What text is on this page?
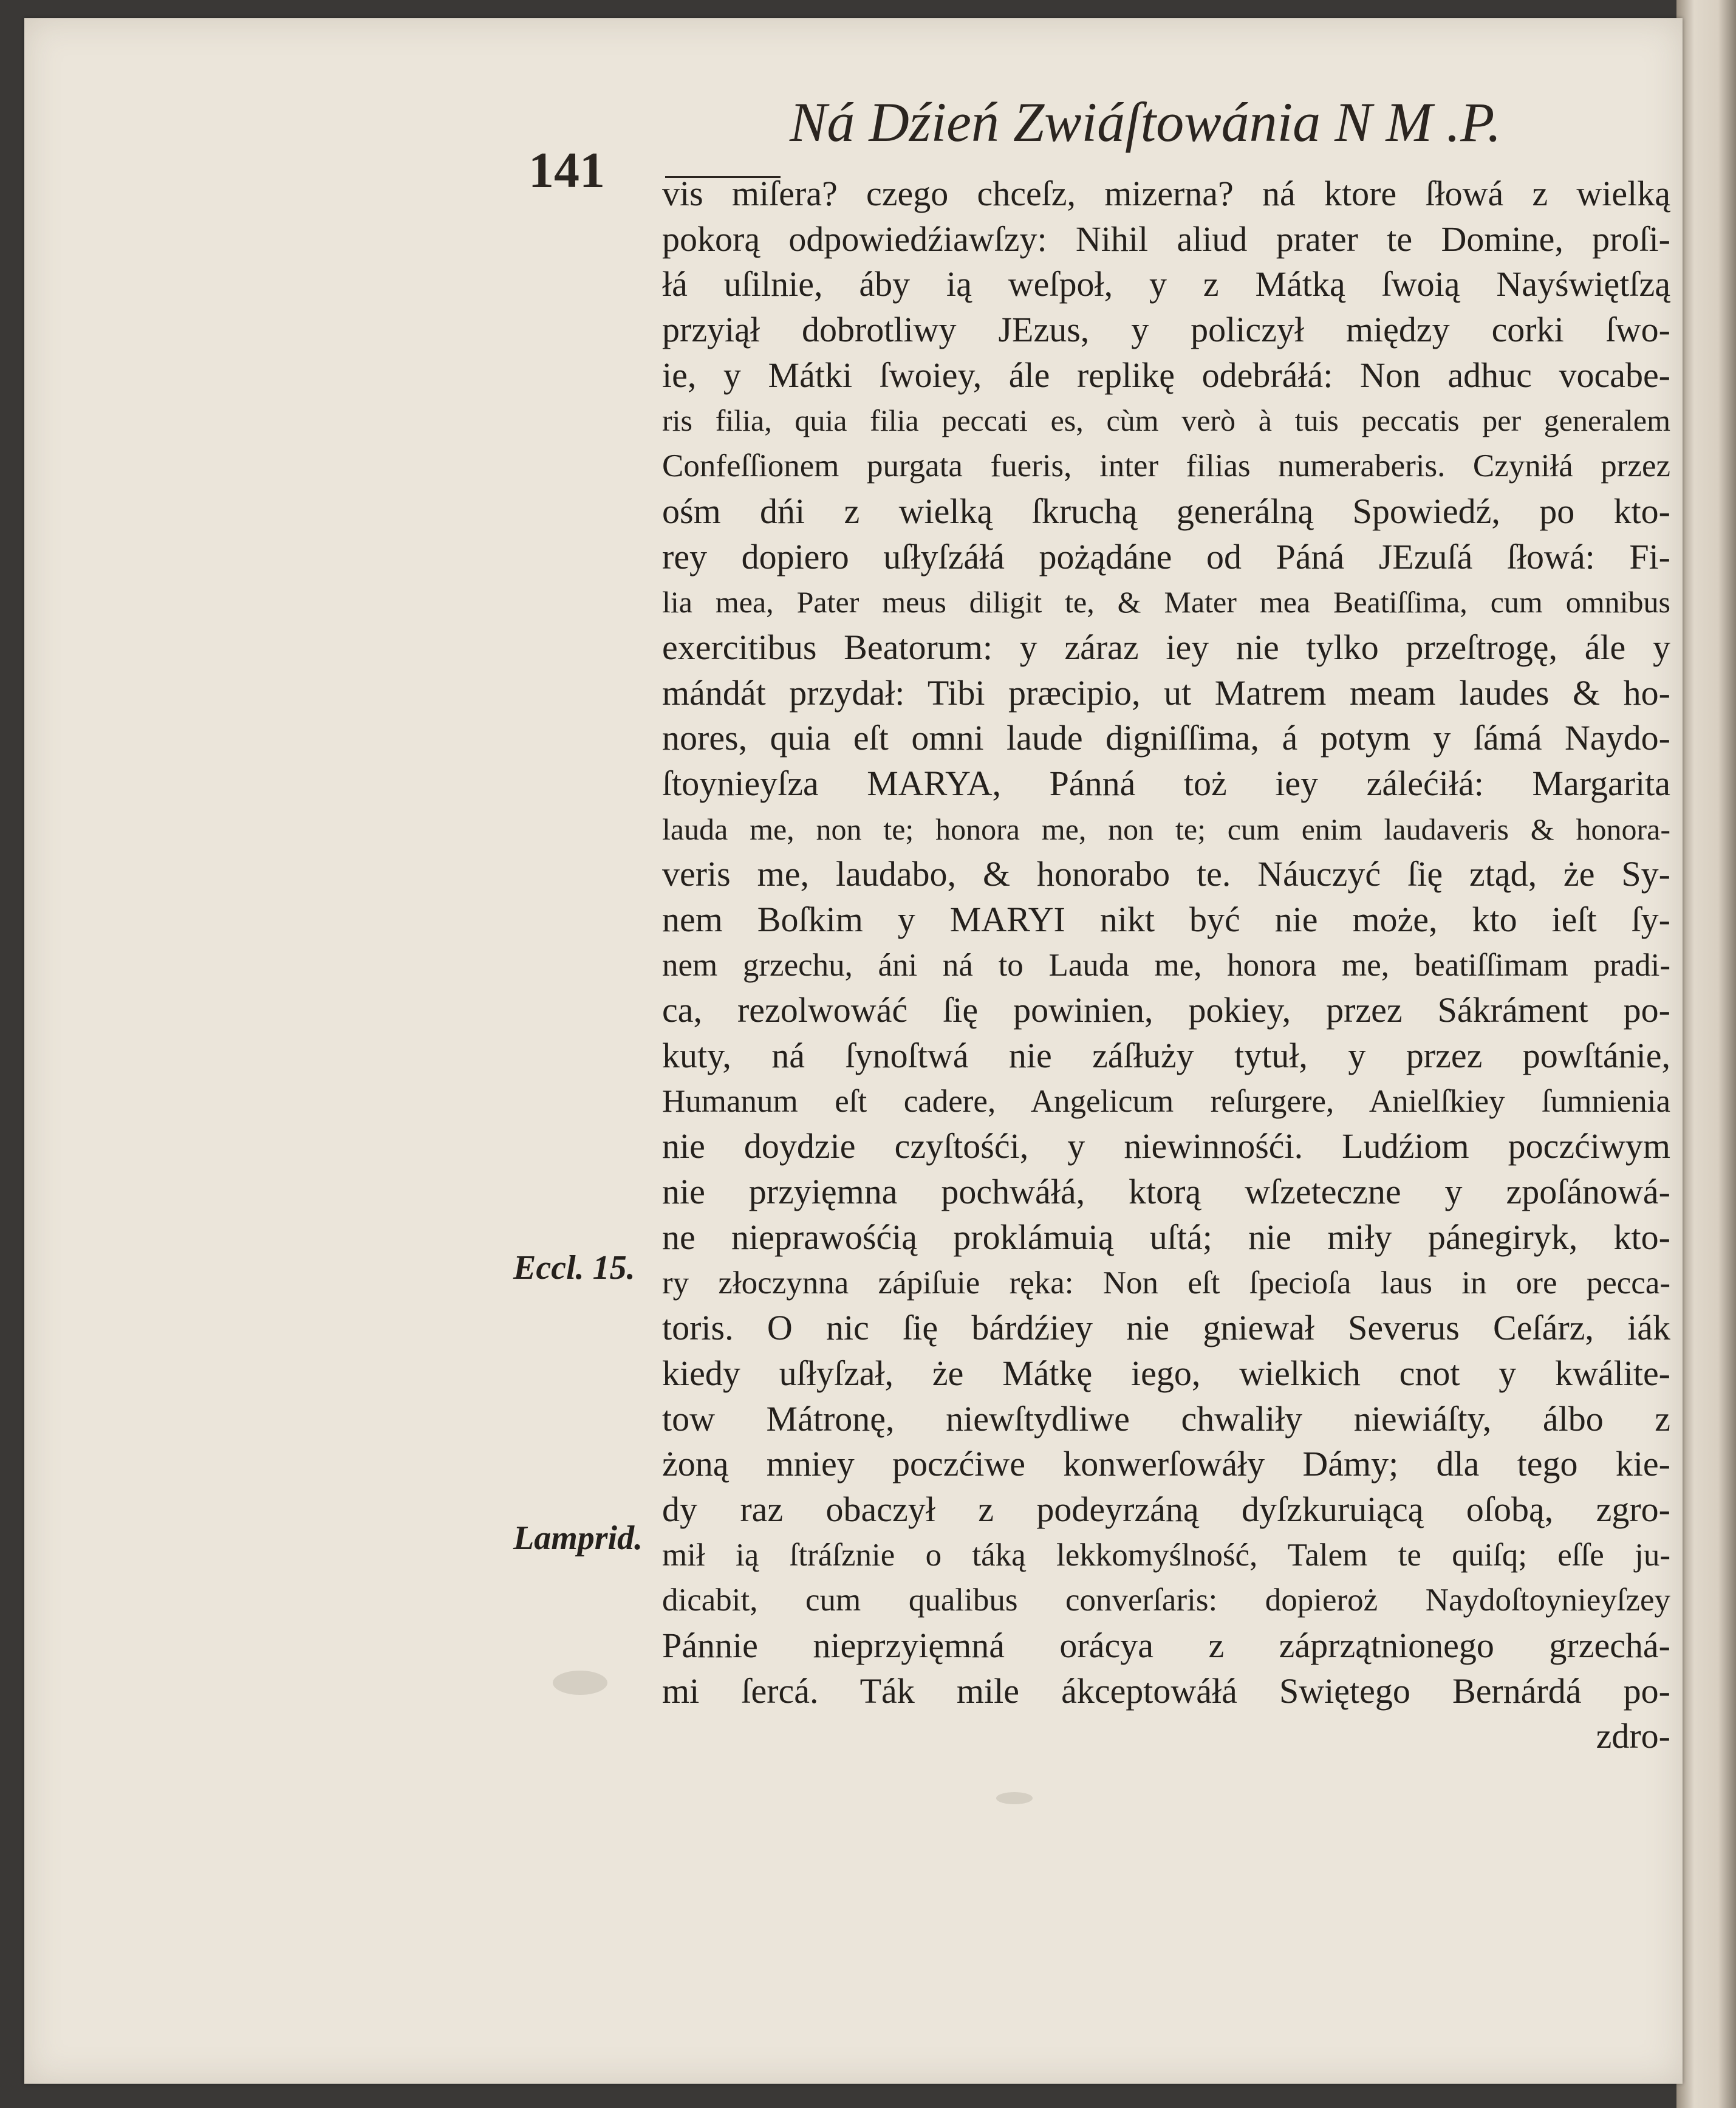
Ná Dźień Zwiáſtowánia N M .P.
141 vis miſera? czego chceſz, mizerna? ná ktore ſłowá z wielką
pokorą odpowiedźiawſzy: Nihil aliud prater te Domine, proſi-
łá uſilnie, áby ią weſpoł, y z Mátką ſwoią Nayświętſzą
przyiął dobrotliwy JEzus, y policzył między corki ſwo-
ie, y Mátki ſwoiey, ále replikę odebráłá: Non adhuc vocabe-
ris filia, quia filia peccati es, cùm verò à tuis peccatis per generalem
Confeſſionem purgata fueris, inter filias numeraberis. Czyniłá przez
ośm dńi z wielką ſkruchą generálną Spowiedź, po kto-
rey dopiero uſłyſzáłá pożądáne od Páná JEzuſá ſłowá: Fi-
lia mea, Pater meus diligit te, & Mater mea Beatiſſima, cum omnibus
exercitibus Beatorum: y záraz iey nie tylko przeſtrogę, ále y
mándát przydał: Tibi præcipio, ut Matrem meam laudes & ho-
nores, quia eſt omni laude digniſſima, á potym y ſámá Naydo-
ſtoynieyſza MARYA, Pánná toż iey zálećiłá: Margarita
lauda me, non te; honora me, non te; cum enim laudaveris & honora-
veris me, laudabo, & honorabo te. Náuczyć ſię ztąd, że Sy-
nem Boſkim y MARYI nikt być nie może, kto ieſt ſy-
nem grzechu, áni ná to Lauda me, honora me, beatiſſimam pradi-
ca, rezolwowáć ſię powinien, pokiey, przez Sákráment po-
kuty, ná ſynoſtwá nie záſłuży tytuł, y przez powſtánie,
Humanum eſt cadere, Angelicum reſurgere, Anielſkiey ſumnienia
nie doydzie czyſtośći, y niewinnośći. Ludźiom poczćiwym
nie przyięmna pochwáłá, ktorą wſzeteczne y zpoſánowá-
ne nieprawośćią proklámuią uſtá; nie miły pánegiryk, kto-
ry złoczynna zápiſuie ręka: Non eſt ſpecioſa laus in ore pecca-
toris. O nic ſię bárdźiey nie gniewał Severus Ceſárz, iák
kiedy uſłyſzał, że Mátkę iego, wielkich cnot y kwálite-
tow Mátronę, niewſtydliwe chwaliły niewiáſty, álbo z
żoną mniey poczćiwe konwerſowáły Dámy; dla tego kie-
dy raz obaczył z podeyrzáną dyſzkuruiącą oſobą, zgro-
mił ią ſtráſznie o táką lekkomyślność, Talem te quiſq; eſſe ju-
dicabit, cum qualibus converſaris: dopieroż Naydoſtoynieyſzey
Pánnie nieprzyięmná orácya z záprzątnionego grzechá-
mi ſercá. Ták mile ákceptowáłá Swiętego Bernárdá po-
zdro-
Eccl. 15.
Lamprid.
